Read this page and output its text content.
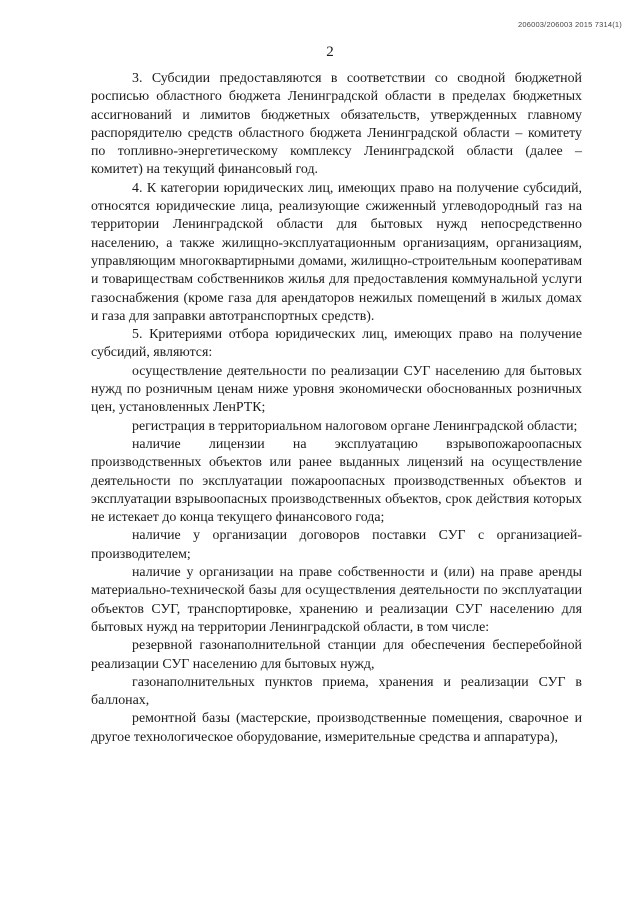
206003/206003 2015 7314(1)
2

3. Субсидии предоставляются в соответствии со сводной бюджетной росписью областного бюджета Ленинградской области в пределах бюджетных ассигнований и лимитов бюджетных обязательств, утвержденных главному распорядителю средств областного бюджета Ленинградской области – комитету по топливно-энергетическому комплексу Ленинградской области (далее – комитет) на текущий финансовый год.

4. К категории юридических лиц, имеющих право на получение субсидий, относятся юридические лица, реализующие сжиженный углеводородный газ на территории Ленинградской области для бытовых нужд непосредственно населению, а также жилищно-эксплуатационным организациям, организациям, управляющим многоквартирными домами, жилищно-строительным кооперативам и товариществам собственников жилья для предоставления коммунальной услуги газоснабжения (кроме газа для арендаторов нежилых помещений в жилых домах и газа для заправки автотранспортных средств).

5. Критериями отбора юридических лиц, имеющих право на получение субсидий, являются:

осуществление деятельности по реализации СУГ населению для бытовых нужд по розничным ценам ниже уровня экономически обоснованных розничных цен, установленных ЛенРТК;

регистрация в территориальном налоговом органе Ленинградской области;

наличие лицензии на эксплуатацию взрывопожароопасных производственных объектов или ранее выданных лицензий на осуществление деятельности по эксплуатации пожароопасных производственных объектов и эксплуатации взрывоопасных производственных объектов, срок действия которых не истекает до конца текущего финансового года;

наличие у организации договоров поставки СУГ с организацией-производителем;

наличие у организации на праве собственности и (или) на праве аренды материально-технической базы для осуществления деятельности по эксплуатации объектов СУГ, транспортировке, хранению и реализации СУГ населению для бытовых нужд на территории Ленинградской области, в том числе:

резервной газонаполнительной станции для обеспечения бесперебойной реализации СУГ населению для бытовых нужд,

газонаполнительных пунктов приема, хранения и реализации СУГ в баллонах,

ремонтной базы (мастерские, производственные помещения, сварочное и другое технологическое оборудование, измерительные средства и аппаратура),
